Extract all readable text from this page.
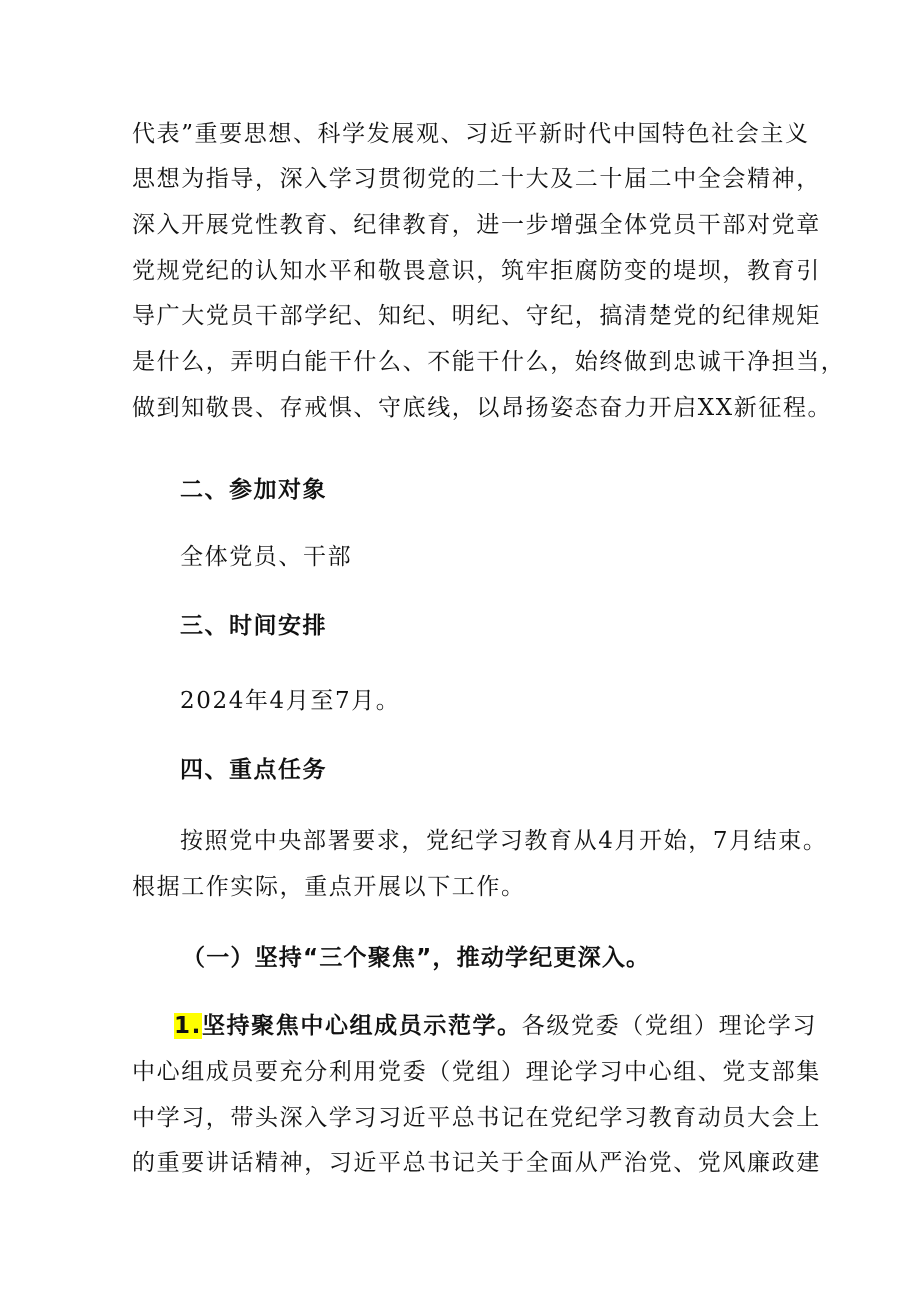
代表”重要思想、科学发展观、习近平新时代中国特色社会主义
思想为指导，深入学习贯彻党的二十大及二十届二中全会精神，
深入开展党性教育、纪律教育，进一步增强全体党员干部对党章
党规党纪的认知水平和敬畏意识，筑牢拒腐防变的堤坝，教育引
导广大党员干部学纪、知纪、明纪、守纪，搞清楚党的纪律规矩
是什么，弄明白能干什么、不能干什么，始终做到忠诚干净担当，
做到知敬畏、存戒惧、守底线，以昂扬姿态奋力开启XX新征程。
二、参加对象
全体党员、干部
三、时间安排
2024年4月至7月。
四、重点任务
按照党中央部署要求，党纪学习教育从4月开始，7月结束。
根据工作实际，重点开展以下工作。
（一）坚持“三个聚焦”，推动学纪更深入。
1.坚持聚焦中心组成员示范学。各级党委（党组）理论学习
中心组成员要充分利用党委（党组）理论学习中心组、党支部集
中学习，带头深入学习习近平总书记在党纪学习教育动员大会上
的重要讲话精神，习近平总书记关于全面从严治党、党风廉政建
